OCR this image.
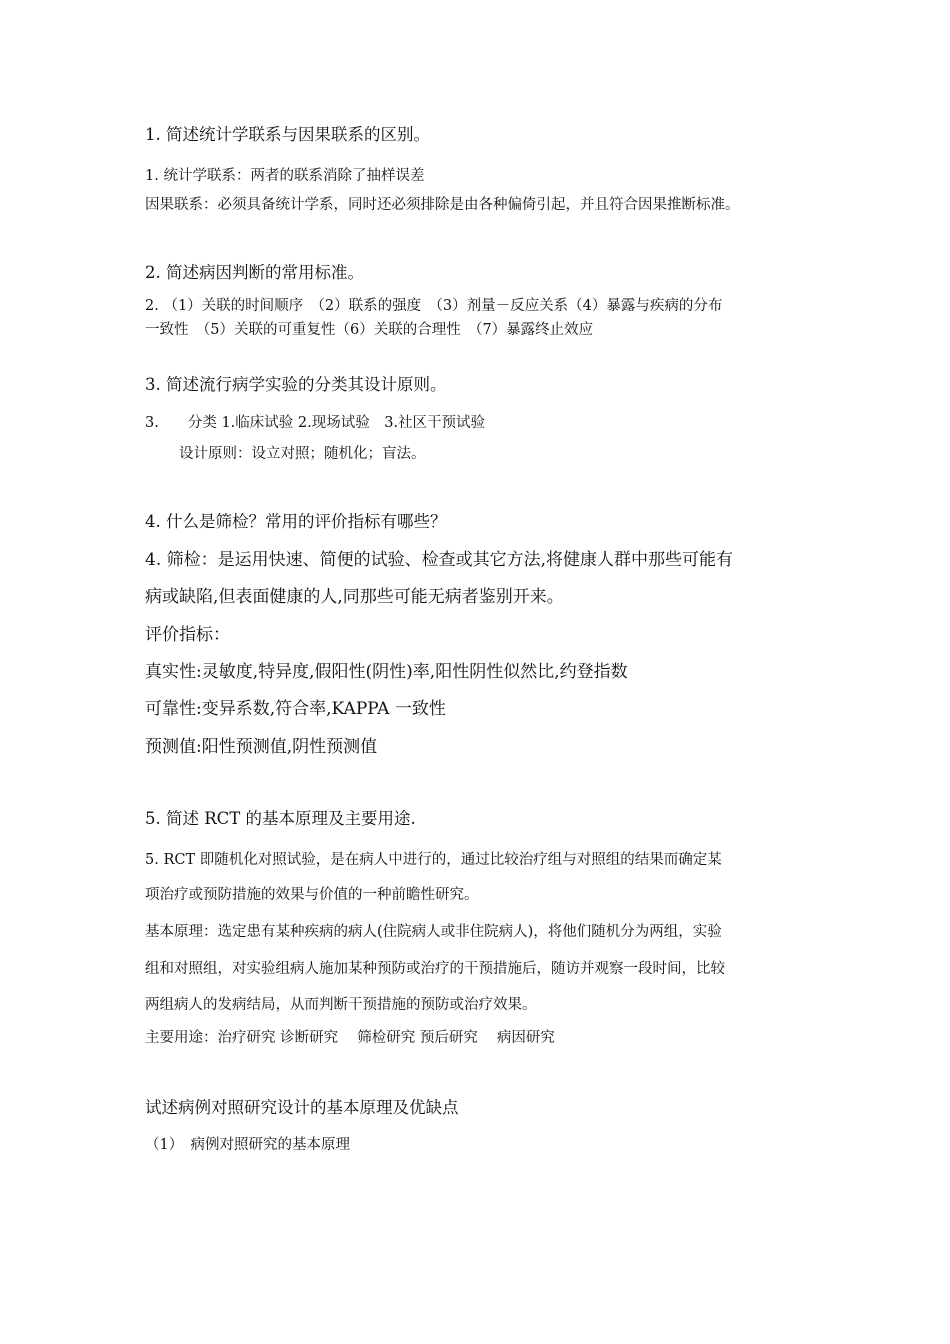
1. 简述统计学联系与因果联系的区别。
1. 统计学联系：两者的联系消除了抽样误差
因果联系：必须具备统计学系，同时还必须排除是由各种偏倚引起，并且符合因果推断标准。
2. 简述病因判断的常用标准。
2. （1）关联的时间顺序　（2）联系的强度　（3）剂量－反应关系（4）暴露与疾病的分布
一致性　（5）关联的可重复性（6）关联的合理性　（7）暴露终止效应
3. 简述流行病学实验的分类其设计原则。
3.　　分类 1.临床试验 2.现场试验　3.社区干预试验
设计原则：设立对照；随机化；盲法。
4. 什么是筛检？常用的评价指标有哪些？
4. 筛检：是运用快速、简便的试验、检查或其它方法,将健康人群中那些可能有
病或缺陷,但表面健康的人,同那些可能无病者鉴别开来。
评价指标：
真实性:灵敏度,特异度,假阳性(阴性)率,阳性阴性似然比,约登指数
可靠性:变异系数,符合率,KAPPA 一致性
预测值:阳性预测值,阴性预测值
5. 简述 RCT 的基本原理及主要用途.
5. RCT 即随机化对照试验，是在病人中进行的，通过比较治疗组与对照组的结果而确定某
项治疗或预防措施的效果与价值的一种前瞻性研究。
基本原理：选定患有某种疾病的病人(住院病人或非住院病人)，将他们随机分为两组，实验
组和对照组，对实验组病人施加某种预防或治疗的干预措施后，随访并观察一段时间，比较
两组病人的发病结局，从而判断干预措施的预防或治疗效果。
主要用途：治疗研究 诊断研究　 筛检研究 预后研究　 病因研究
试述病例对照研究设计的基本原理及优缺点
（1）　病例对照研究的基本原理
